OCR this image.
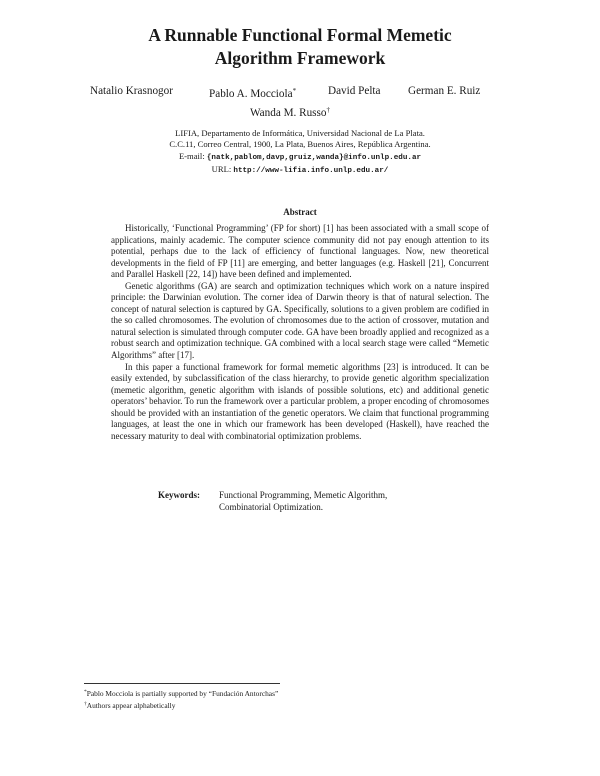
A Runnable Functional Formal Memetic
Algorithm Framework
Natalio Krasnogor	Pablo A. Mocciola*	David Pelta German E. Ruiz
Wanda M. Russo†
LIFIA, Departamento de Informática, Universidad Nacional de La Plata.
C.C.11, Correo Central, 1900, La Plata, Buenos Aires, República Argentina.
E-mail: {natk,pablom,davp,gruiz,wanda}@info.unlp.edu.ar
URL: http://www-lifia.info.unlp.edu.ar/
Abstract

Historically, ‘Functional Programming’ (FP for short) [1] has been associated with a small scope of applications, mainly academic. The computer science community did not pay enough attention to its potential, perhaps due to the lack of efficiency of functional languages. Now, new theoretical developments in the field of FP [11] are emerging, and better languages (e.g. Haskell [21], Concurrent and Parallel Haskell [22, 14]) have been defined and implemented.

Genetic algorithms (GA) are search and optimization techniques which work on a nature inspired principle: the Darwinian evolution. The corner idea of Darwin theory is that of natural selection. The concept of natural selection is captured by GA. Specifically, solutions to a given problem are codified in the so called chromosomes. The evolution of chromosomes due to the action of crossover, mutation and natural selection is simulated through computer code. GA have been broadly applied and recognized as a robust search and optimization technique. GA combined with a local search stage were called “Memetic Algorithms” after [17].

In this paper a functional framework for formal memetic algorithms [23] is introduced. It can be easily extended, by subclassification of the class hierarchy, to provide genetic algorithm specialization (memetic algorithm, genetic algorithm with islands of possible solutions, etc) and additional genetic operators’ behavior. To run the framework over a particular problem, a proper encoding of chromosomes should be provided with an instantiation of the genetic operators. We claim that functional programming languages, at least the one in which our framework has been developed (Haskell), have reached the necessary maturity to deal with combinatorial optimization problems.

Keywords: Functional Programming, Memetic Algorithm,
Combinatorial Optimization.
*Pablo Mocciola is partially supported by “Fundación Antorchas”
†Authors appear alphabetically
